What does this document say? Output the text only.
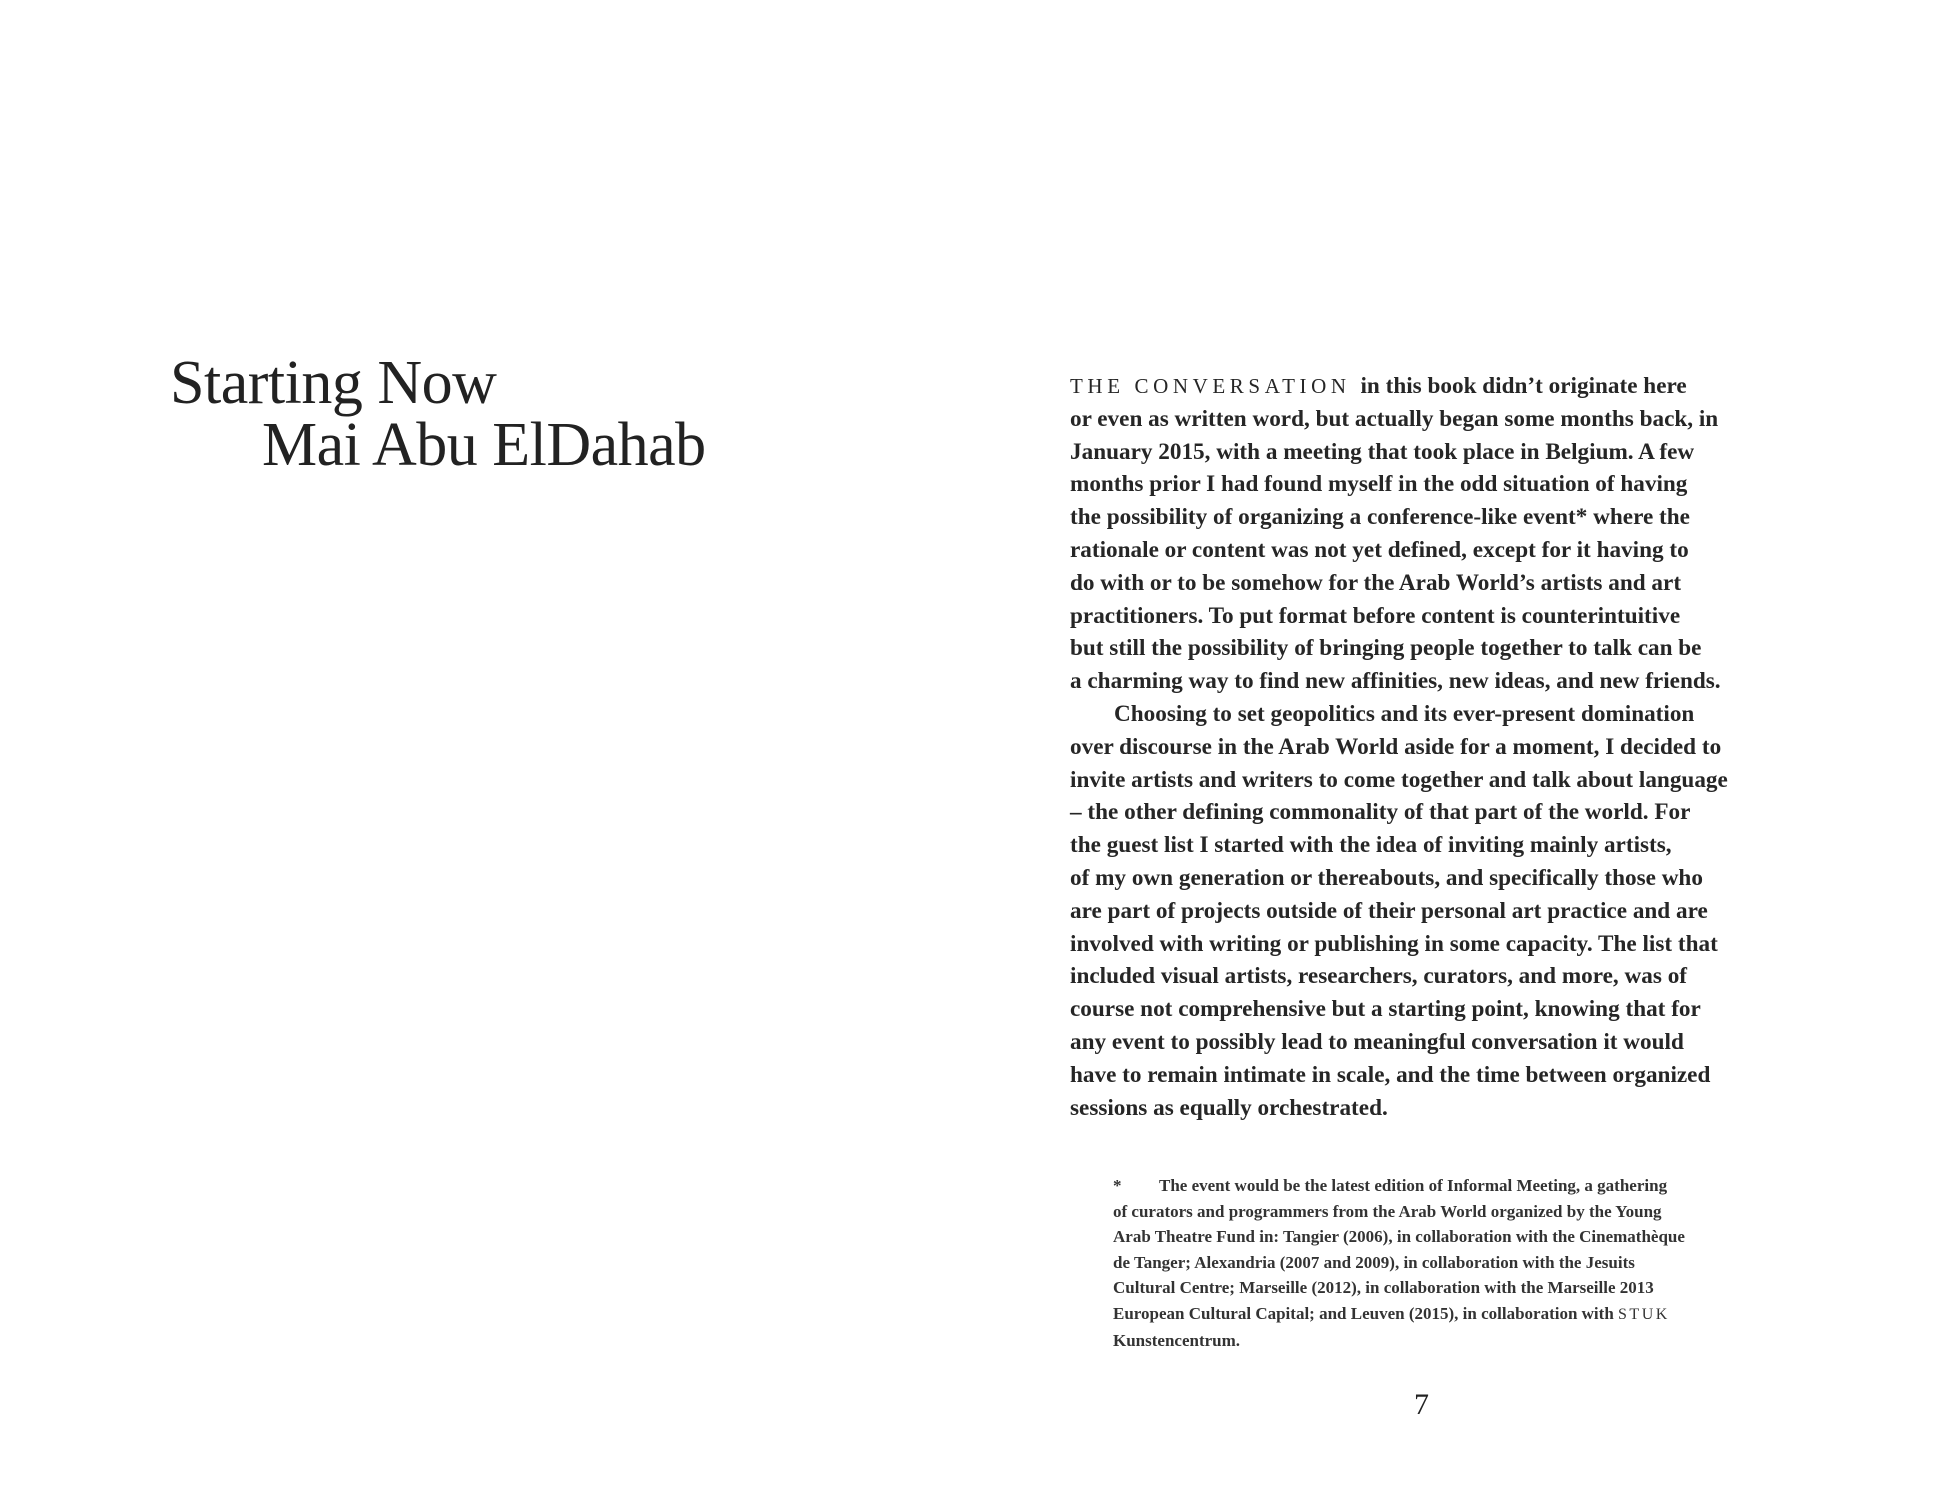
Starting Now

Mai Abu ElDahab

THE CONVERSATION in this book didn’t originate here

or even as written word, but actually began some months back, in

January 2015, with a meeting that took place in Belgium. A few

months prior I had found myself in the odd situation of having

the possibility of organizing a conference-like event* where the

rationale or content was not yet defined, except for it having to

do with or to be somehow for the Arab World’s artists and art

practitioners. To put format before content is counterintuitive

but still the possibility of bringing people together to talk can be

a charming way to find new affinities, new ideas, and new friends.

Choosing to set geopolitics and its ever-present domination

over discourse in the Arab World aside for a moment, I decided to

invite artists and writers to come together and talk about language

– the other defining commonality of that part of the world. For

the guest list I started with the idea of inviting mainly artists,

of my own generation or thereabouts, and specifically those who

are part of projects outside of their personal art practice and are

involved with writing or publishing in some capacity. The list that

included visual artists, researchers, curators, and more, was of

course not comprehensive but a starting point, knowing that for

any event to possibly lead to meaningful conversation it would

have to remain intimate in scale, and the time between organized

sessions as equally orchestrated.

* The event would be the latest edition of Informal Meeting, a gathering

of curators and programmers from the Arab World organized by the Young

Arab Theatre Fund in: Tangier (2006), in collaboration with the Cinemathèque

de Tanger; Alexandria (2007 and 2009), in collaboration with the Jesuits

Cultural Centre; Marseille (2012), in collaboration with the Marseille 2013

European Cultural Capital; and Leuven (2015), in collaboration with STUK

Kunstencentrum.

7
